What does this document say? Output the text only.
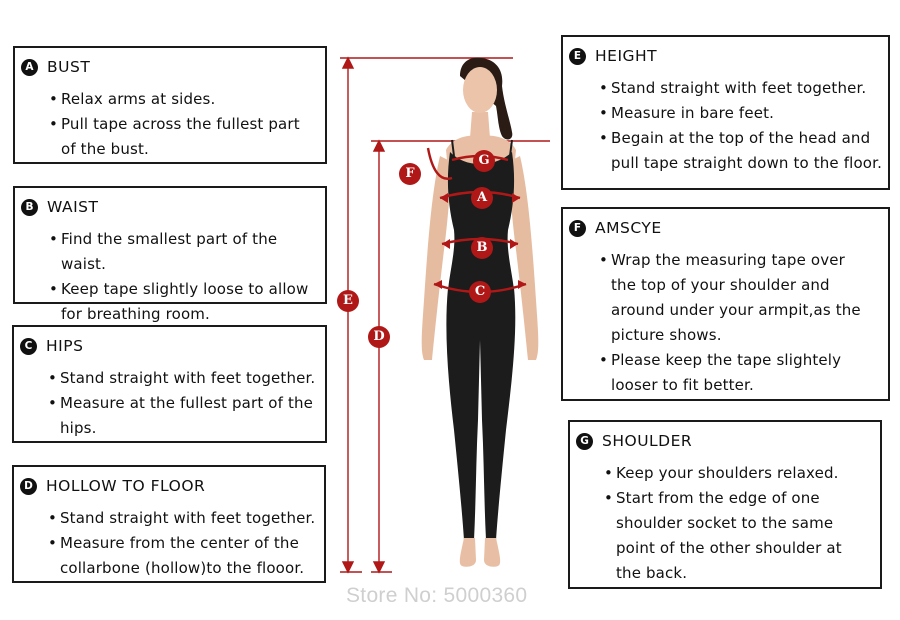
A BUST
• Relax arms at sides.
• Pull tape across the fullest part of the bust.
B WAIST
• Find the smallest part of the waist.
• Keep tape slightly loose to allow for breathing room.
C HIPS
• Stand straight with feet together.
• Measure at the fullest part of the hips.
D HOLLOW TO FLOOR
• Stand straight with feet together.
• Measure from the center of the collarbone (hollow)to the flooor.
E HEIGHT
• Stand straight with feet together.
• Measure in bare feet.
• Begain at the top of the head and pull tape straight down to the floor.
F AMSCYE
• Wrap the measuring tape over the top of your shoulder and around under your armpit,as the picture shows.
• Please keep the tape slightely looser to fit better.
G SHOULDER
• Keep your shoulders relaxed.
• Start from the edge of one shoulder socket to the same point of the other shoulder at the back.
A
B
C
D
E
F
G
Store No: 5000360
